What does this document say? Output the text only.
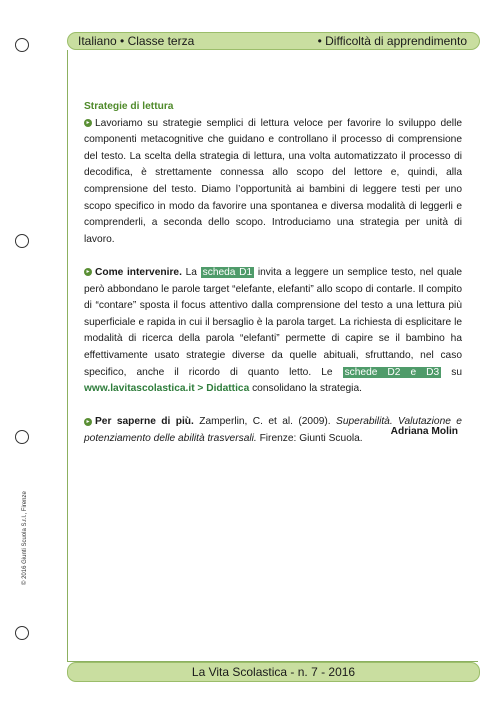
Italiano • Classe terza	• Difficoltà di apprendimento
© 2016 Giunti Scuola S.r.l., Firenze
Strategie di lettura
▸ Lavoriamo su strategie semplici di lettura veloce per favorire lo sviluppo delle componenti metacognitive che guidano e controllano il processo di comprensione del testo. La scelta della strategia di lettura, una volta automatizzato il processo di decodifica, è strettamente connessa allo scopo del lettore e, quindi, alla comprensione del testo. Diamo l’opportunità ai bambini di leggere testi per uno scopo specifico in modo da favorire una spontanea e diversa modalità di leggerli e comprenderli, a seconda dello scopo. Introduciamo una strategia per unità di lavoro.
▸ Come intervenire. La scheda D1 invita a leggere un semplice testo, nel quale però abbondano le parole target “elefante, elefanti” allo scopo di contarle. Il compito di “contare” sposta il focus attentivo dalla comprensione del testo a una lettura più superficiale e rapida in cui il bersaglio è la parola target. La richiesta di esplicitare le modalità di ricerca della parola “elefanti” permette di capire se il bambino ha effettivamente usato strategie diverse da quelle abituali, sfruttando, nel caso specifico, anche il ricordo di quanto letto. Le schede D2 e D3 su www.lavitascolastica.it > Didattica consolidano la strategia.
▸ Per saperne di più. Zamperlin, C. et al. (2009). Superabilità. Valutazione e potenziamento delle abilità trasversali. Firenze: Giunti Scuola.
Adriana Molin
La Vita Scolastica - n. 7 - 2016
